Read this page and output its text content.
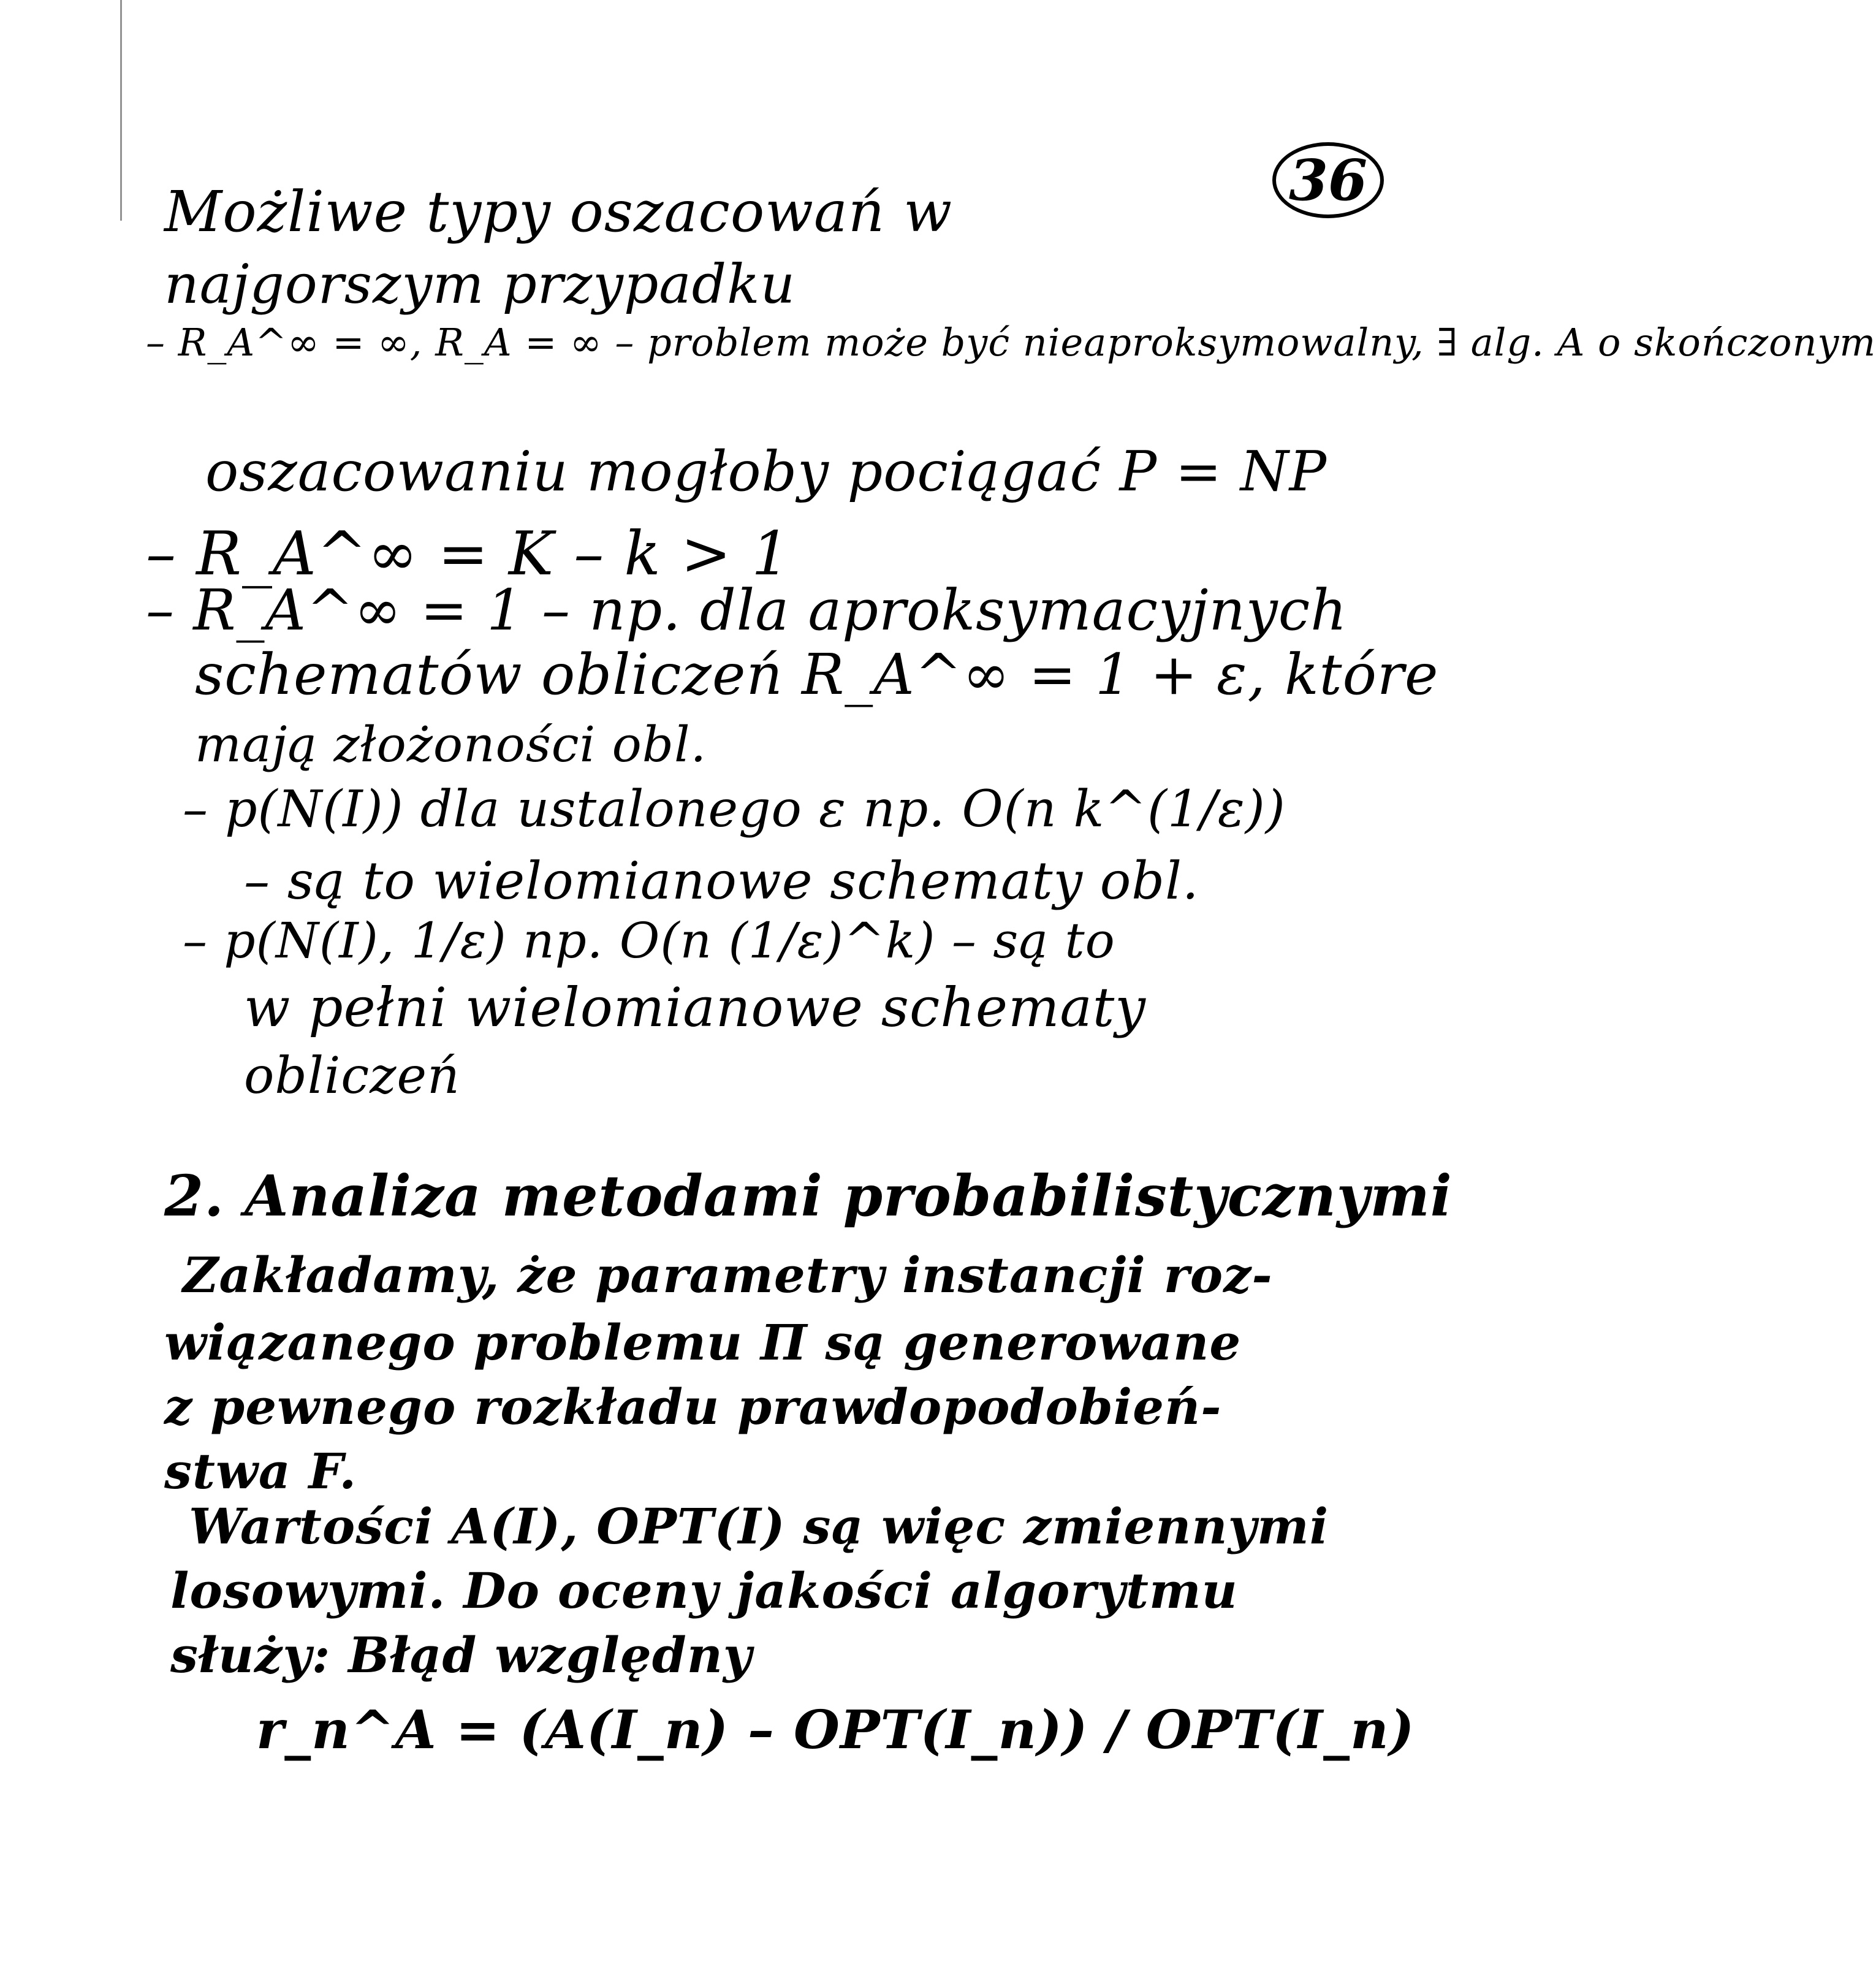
36
Możliwe typy oszacowań w
najgorszym przypadku
– R_A^∞ = ∞, R_A = ∞ – problem może być nieaproksymowalny, ∃ alg. A o skończonym
oszacowaniu mogłoby pociągać P = NP
– R_A^∞ = K – k > 1
– R_A^∞ = 1 – np. dla aproksymacyjnych
schematów obliczeń R_A^∞ = 1 + ε, które
mają złożoności obl.
– p(N(I)) dla ustalonego ε np. O(n k^(1/ε))
– są to wielomianowe schematy obl.
– p(N(I), 1/ε) np. O(n (1/ε)^k) – są to
w pełni wielomianowe schematy
obliczeń
2. Analiza metodami probabilistycznymi
Zakładamy, że parametry instancji roz-
wiązanego problemu Π są generowane
z pewnego rozkładu prawdopodobień-
stwa F.
Wartości A(I), OPT(I) są więc zmiennymi
losowymi. Do oceny jakości algorytmu
służy: Błąd względny
r_n^A = (A(I_n) – OPT(I_n)) / OPT(I_n)
